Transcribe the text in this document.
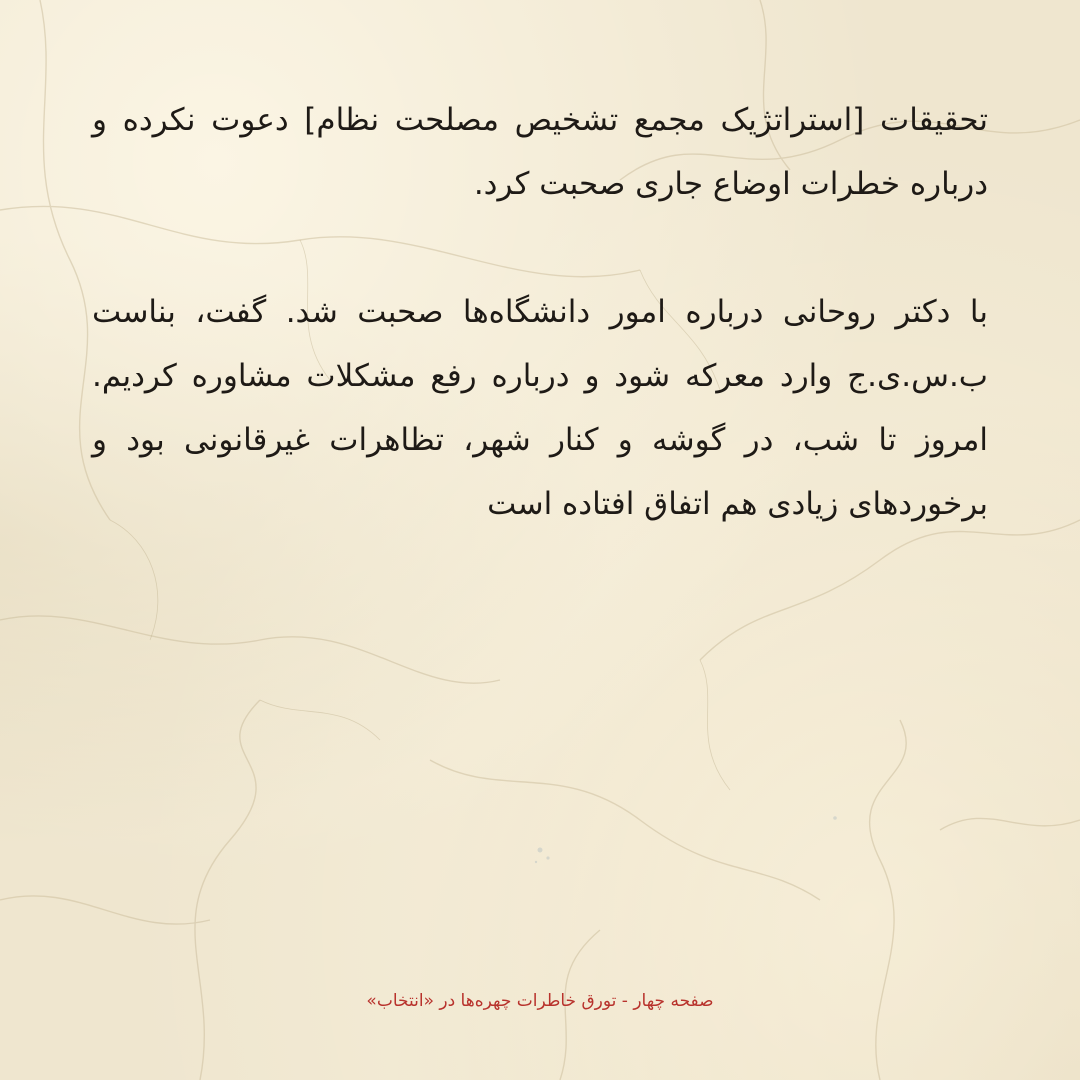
تحقیقات [استراتژیک مجمع تشخیص مصلحت نظام] دعوت نکرده و درباره خطرات اوضاع جاری صحبت کرد.

با دکتر روحانی درباره امور دانشگاه‌ها صحبت شد. گفت، بناست ب.س.ی.ج وارد معرکه شود و درباره رفع مشکلات مشاوره کردیم. امروز تا شب، در گوشه و کنار شهر، تظاهرات غیرقانونی بود و برخوردهای زیادی هم اتفاق افتاده است

صفحه چهار - تورق خاطرات چهره‌ها در «انتخاب»
